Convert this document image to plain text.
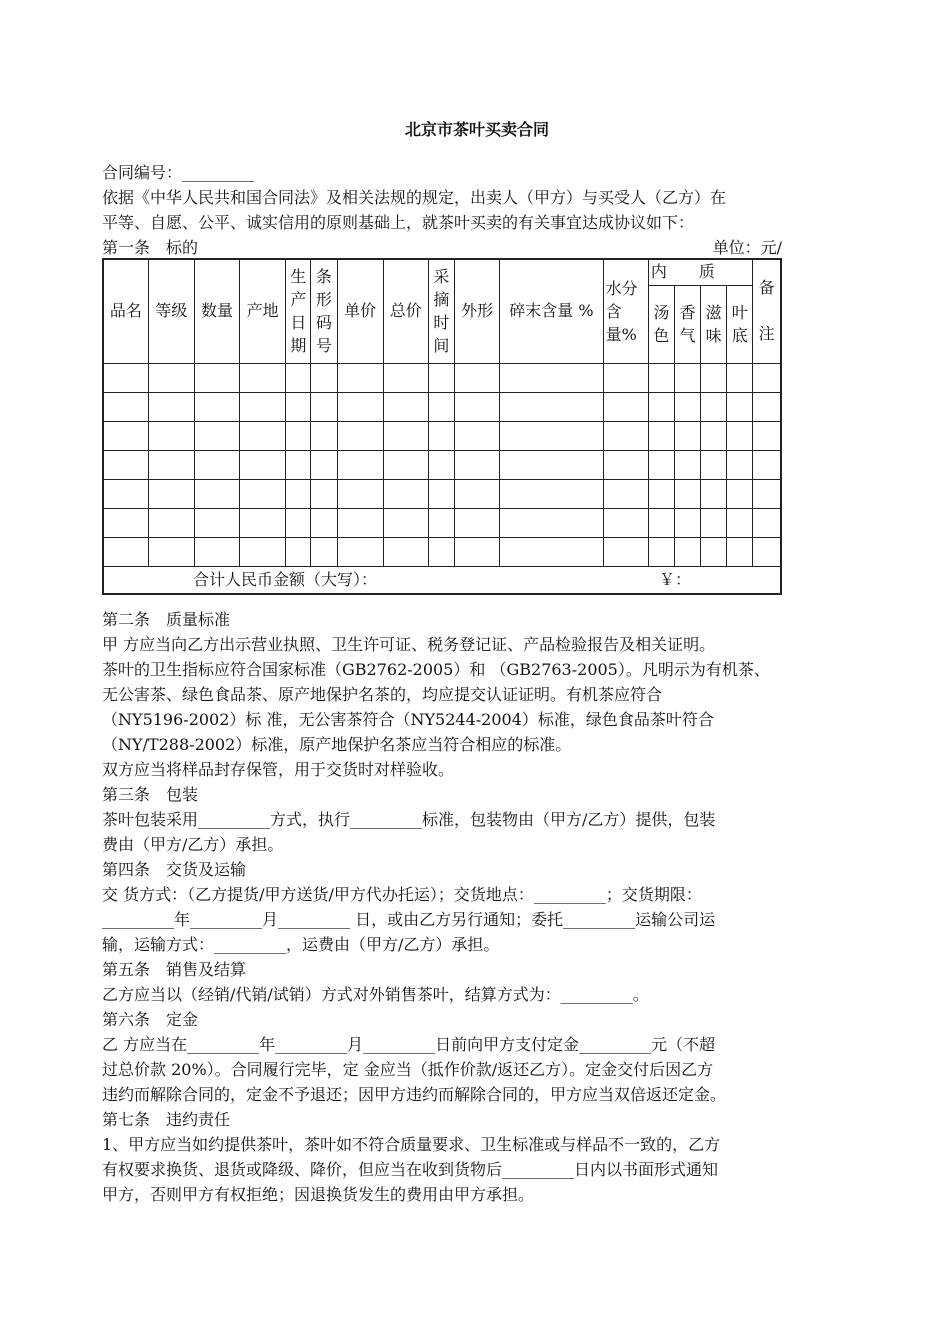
北京市茶叶买卖合同
合同编号：_________
依据《中华人民共和国合同法》及相关法规的规定，出卖人（甲方）与买受人（乙方）在
平等、自愿、公平、诚实信用的原则基础上，就茶叶买卖的有关事宜达成协议如下：
第一条　标的	单位：元/
品名	等级	数量	产地	生产日期	条形码号	单价	总价	采摘时间	外形	碎末含量 %	水分含量%	内　　质				备注
												汤色	香气	滋味	叶底	

合计人民币金额（大写）： ￥：																
第二条　质量标准
甲 方应当向乙方出示营业执照、卫生许可证、税务登记证、产品检验报告及相关证明。
茶叶的卫生指标应符合国家标准（GB2762-2005）和 （GB2763-2005）。凡明示为有机茶、
无公害茶、绿色食品茶、原产地保护名茶的，均应提交认证证明。有机茶应符合
（NY5196-2002）标 准，无公害茶符合（NY5244-2004）标准，绿色食品茶叶符合
（NY/T288-2002）标准，原产地保护名茶应当符合相应的标准。
双方应当将样品封存保管，用于交货时对样验收。
第三条　包装
茶叶包装采用_________方式，执行_________标准，包装物由（甲方/乙方）提供，包装
费由（甲方/乙方）承担。
第四条　交货及运输
交 货方式：（乙方提货/甲方送货/甲方代办托运）；交货地点：_________；交货期限：
_________年_________月_________ 日，或由乙方另行通知；委托_________运输公司运
输，运输方式：_________，运费由（甲方/乙方）承担。
第五条　销售及结算
乙方应当以（经销/代销/试销）方式对外销售茶叶，结算方式为：_________。
第六条　定金
乙 方应当在_________年_________月_________日前向甲方支付定金_________元（不超
过总价款 20%）。合同履行完毕，定 金应当（抵作价款/返还乙方）。定金交付后因乙方
违约而解除合同的，定金不予退还；因甲方违约而解除合同的，甲方应当双倍返还定金。
第七条　违约责任
1、甲方应当如约提供茶叶，茶叶如不符合质量要求、卫生标准或与样品不一致的，乙方
有权要求换货、退货或降级、降价，但应当在收到货物后_________日内以书面形式通知
甲方，否则甲方有权拒绝；因退换货发生的费用由甲方承担。
